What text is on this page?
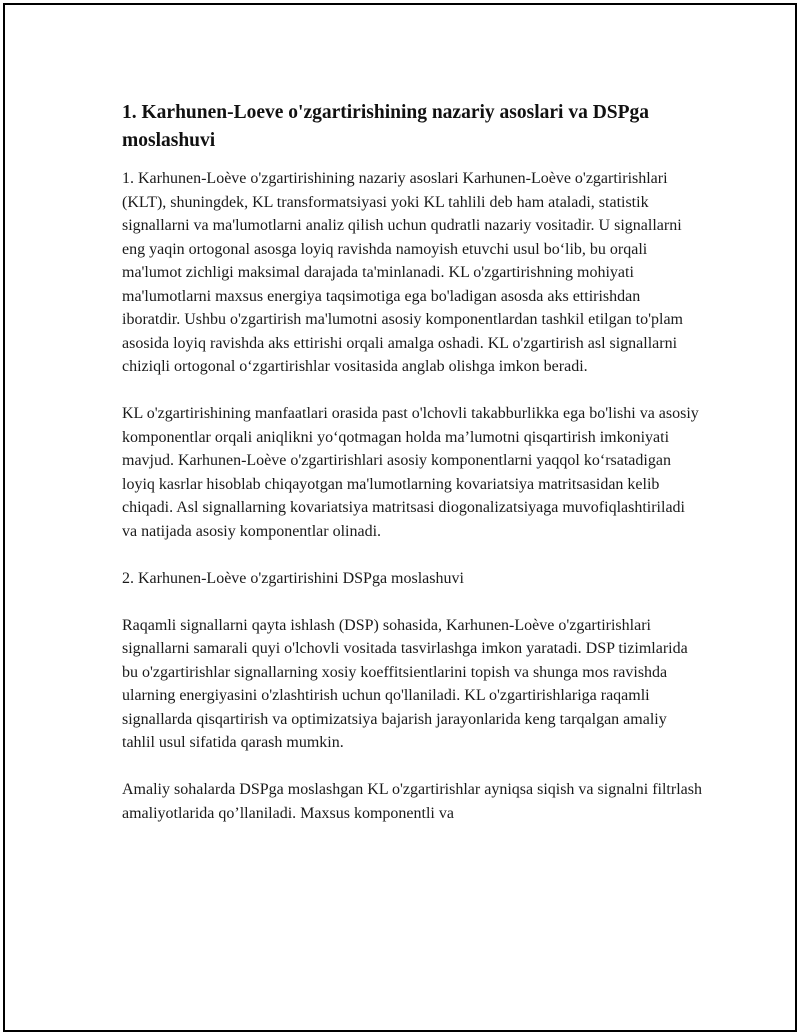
1. Karhunen-Loeve o'zgartirishining nazariy asoslari va DSPga moslashuvi

1. Karhunen-Loève o'zgartirishining nazariy asoslari Karhunen-Loève o'zgartirishlari (KLT), shuningdek, KL transformatsiyasi yoki KL tahlili deb ham ataladi, statistik signallarni va ma'lumotlarni analiz qilish uchun qudratli nazariy vositadir. U signallarni eng yaqin ortogonal asosga loyiq ravishda namoyish etuvchi usul bo‘lib, bu orqali ma'lumot zichligi maksimal darajada ta'minlanadi. KL o'zgartirishning mohiyati ma'lumotlarni maxsus energiya taqsimotiga ega bo'ladigan asosda aks ettirishdan iboratdir. Ushbu o'zgartirish ma'lumotni asosiy komponentlardan tashkil etilgan to'plam asosida loyiq ravishda aks ettirishi orqali amalga oshadi. KL o'zgartirish asl signallarni chiziqli ortogonal o‘zgartirishlar vositasida anglab olishga imkon beradi.

KL o'zgartirishining manfaatlari orasida past o'lchovli takabburlikka ega bo'lishi va asosiy komponentlar orqali aniqlikni yo‘qotmagan holda ma’lumotni qisqartirish imkoniyati mavjud. Karhunen-Loève o'zgartirishlari asosiy komponentlarni yaqqol ko‘rsatadigan loyiq kasrlar hisoblab chiqayotgan ma'lumotlarning kovariatsiya matritsasidan kelib chiqadi. Asl signallarning kovariatsiya matritsasi diogonalizatsiyaga muvofiqlashtiriladi va natijada asosiy komponentlar olinadi.

2. Karhunen-Loève o'zgartirishini DSPga moslashuvi

Raqamli signallarni qayta ishlash (DSP) sohasida, Karhunen-Loève o'zgartirishlari signallarni samarali quyi o'lchovli vositada tasvirlashga imkon yaratadi. DSP tizimlarida bu o'zgartirishlar signallarning xosiy koeffitsientlarini topish va shunga mos ravishda ularning energiyasini o'zlashtirish uchun qo'llaniladi. KL o'zgartirishlariga raqamli signallarda qisqartirish va optimizatsiya bajarish jarayonlarida keng tarqalgan amaliy tahlil usul sifatida qarash mumkin.

Amaliy sohalarda DSPga moslashgan KL o'zgartirishlar ayniqsa siqish va signalni filtrlash amaliyotlarida qo’llaniladi. Maxsus komponentli va
